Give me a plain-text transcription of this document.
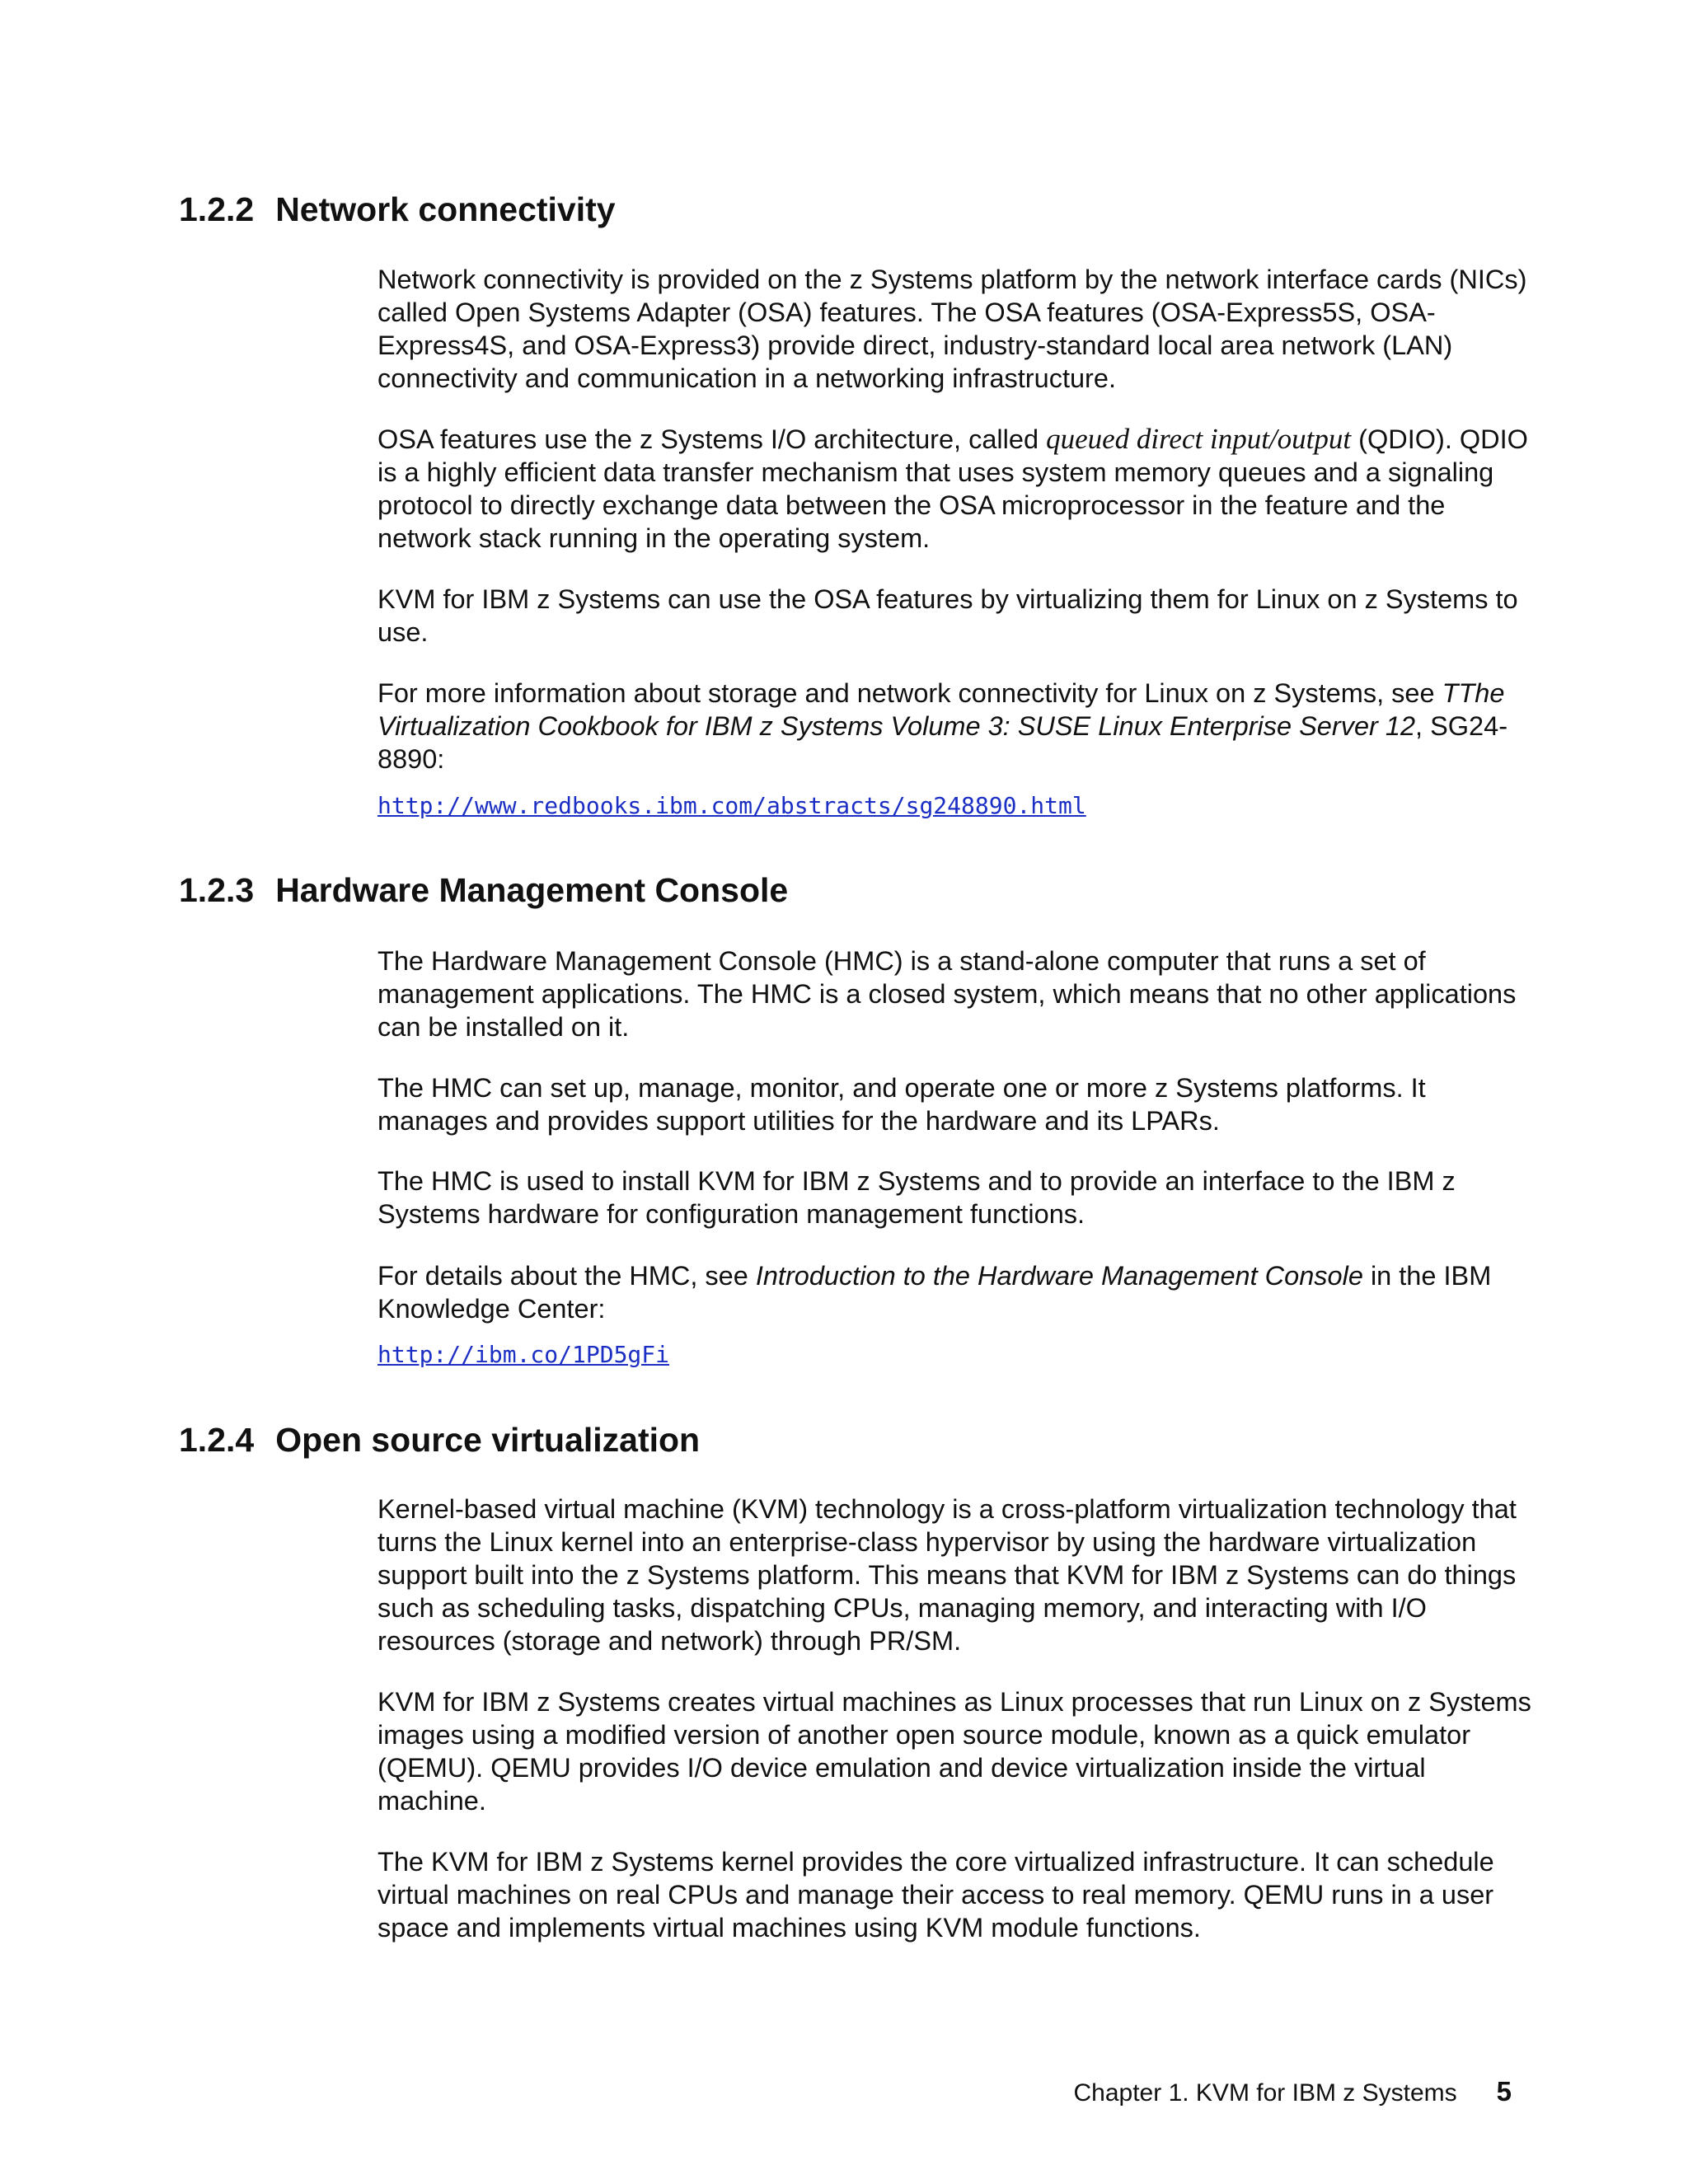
1.2.2 Network connectivity

Network connectivity is provided on the z Systems platform by the network interface cards (NICs) called Open Systems Adapter (OSA) features. The OSA features (OSA-Express5S, OSA-Express4S, and OSA-Express3) provide direct, industry-standard local area network (LAN) connectivity and communication in a networking infrastructure.

OSA features use the z Systems I/O architecture, called queued direct input/output (QDIO). QDIO is a highly efficient data transfer mechanism that uses system memory queues and a signaling protocol to directly exchange data between the OSA microprocessor in the feature and the network stack running in the operating system.

KVM for IBM z Systems can use the OSA features by virtualizing them for Linux on z Systems to use.

For more information about storage and network connectivity for Linux on z Systems, see TThe Virtualization Cookbook for IBM z Systems Volume 3: SUSE Linux Enterprise Server 12, SG24-8890:

http://www.redbooks.ibm.com/abstracts/sg248890.html
1.2.3 Hardware Management Console

The Hardware Management Console (HMC) is a stand-alone computer that runs a set of management applications. The HMC is a closed system, which means that no other applications can be installed on it.

The HMC can set up, manage, monitor, and operate one or more z Systems platforms. It manages and provides support utilities for the hardware and its LPARs.

The HMC is used to install KVM for IBM z Systems and to provide an interface to the IBM z Systems hardware for configuration management functions.

For details about the HMC, see Introduction to the Hardware Management Console in the IBM Knowledge Center:

http://ibm.co/1PD5gFi
1.2.4 Open source virtualization

Kernel-based virtual machine (KVM) technology is a cross-platform virtualization technology that turns the Linux kernel into an enterprise-class hypervisor by using the hardware virtualization support built into the z Systems platform. This means that KVM for IBM z Systems can do things such as scheduling tasks, dispatching CPUs, managing memory, and interacting with I/O resources (storage and network) through PR/SM.

KVM for IBM z Systems creates virtual machines as Linux processes that run Linux on z Systems images using a modified version of another open source module, known as a quick emulator (QEMU). QEMU provides I/O device emulation and device virtualization inside the virtual machine.

The KVM for IBM z Systems kernel provides the core virtualized infrastructure. It can schedule virtual machines on real CPUs and manage their access to real memory. QEMU runs in a user space and implements virtual machines using KVM module functions.

Chapter 1. KVM for IBM z Systems 5
